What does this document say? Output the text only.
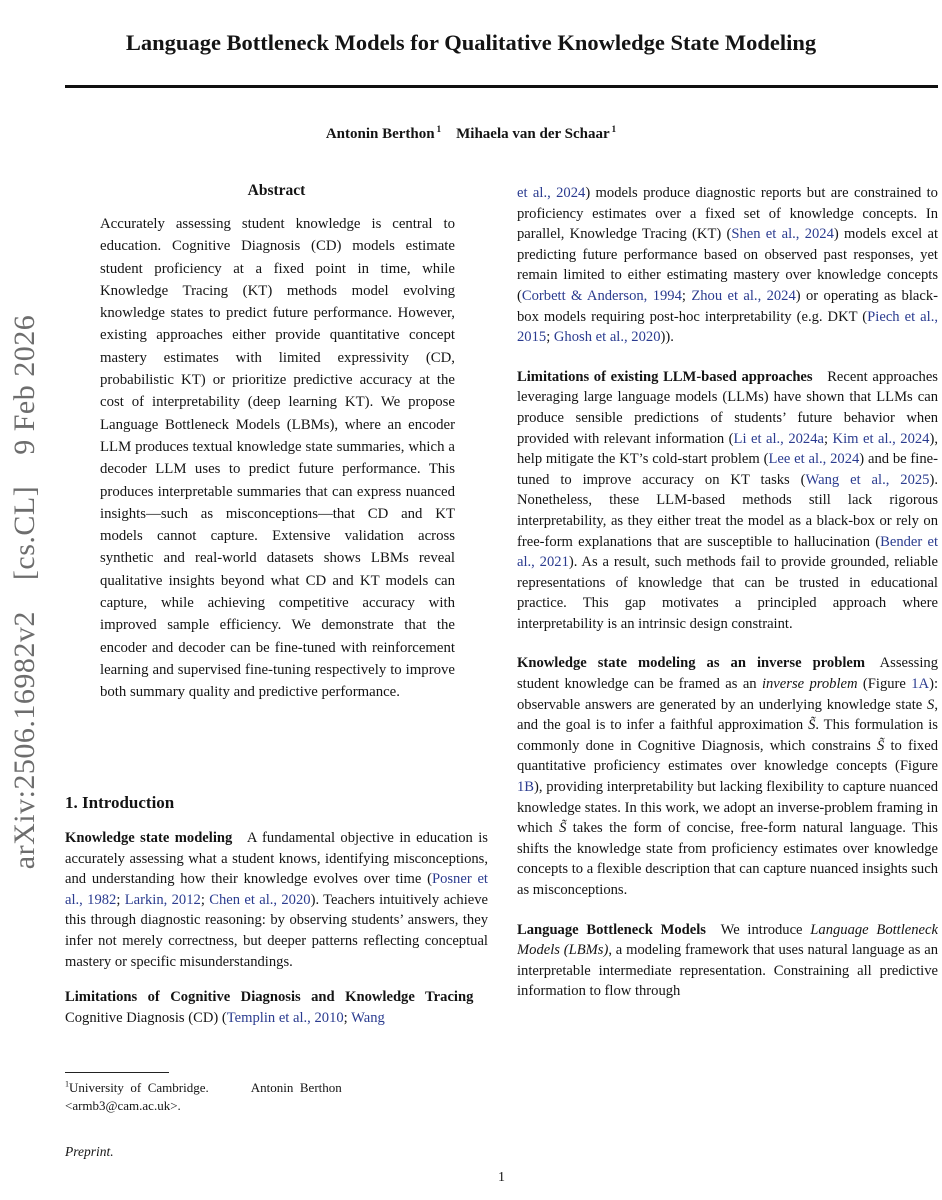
arXiv:2506.16982v2  [cs.CL]  9 Feb 2026
Language Bottleneck Models for Qualitative Knowledge State Modeling
Antonin Berthon $^1$   Mihaela van der Schaar $^1$
Abstract
Accurately assessing student knowledge is central to education. Cognitive Diagnosis (CD) models estimate student proficiency at a fixed point in time, while Knowledge Tracing (KT) methods model evolving knowledge states to predict future performance. However, existing approaches either provide quantitative concept mastery estimates with limited expressivity (CD, probabilistic KT) or prioritize predictive accuracy at the cost of interpretability (deep learning KT). We propose Language Bottleneck Models (LBMs), where an encoder LLM produces textual knowledge state summaries, which a decoder LLM uses to predict future performance. This produces interpretable summaries that can express nuanced insights—such as misconceptions—that CD and KT models cannot capture. Extensive validation across synthetic and real-world datasets shows LBMs reveal qualitative insights beyond what CD and KT models can capture, while achieving competitive accuracy with improved sample efficiency. We demonstrate that the encoder and decoder can be fine-tuned with reinforcement learning and supervised fine-tuning respectively to improve both summary quality and predictive performance.
1. Introduction

Knowledge state modeling  A fundamental objective in education is accurately assessing what a student knows, identifying misconceptions, and understanding how their knowledge evolves over time (Posner et al., 1982; Larkin, 2012; Chen et al., 2020). Teachers intuitively achieve this through diagnostic reasoning: by observing students’ answers, they infer not merely correctness, but deeper patterns reflecting conceptual mastery or specific misunderstandings.

Limitations of Cognitive Diagnosis and Knowledge Tracing Cognitive Diagnosis (CD) (Templin et al., 2010; Wang

$^1$University of Cambridge.	Antonin Berthon
<armb3@cam.ac.uk>.
Preprint.

et al., 2024) models produce diagnostic reports but are constrained to proficiency estimates over a fixed set of knowledge concepts. In parallel, Knowledge Tracing (KT) (Shen et al., 2024) models excel at predicting future performance based on observed past responses, yet remain limited to either estimating mastery over knowledge concepts (Corbett & Anderson, 1994; Zhou et al., 2024) or operating as black-box models requiring post-hoc interpretability (e.g. DKT (Piech et al., 2015; Ghosh et al., 2020)).

Limitations of existing LLM-based approaches  Recent approaches leveraging large language models (LLMs) have shown that LLMs can produce sensible predictions of students’ future behavior when provided with relevant information (Li et al., 2024a; Kim et al., 2024), help mitigate the KT’s cold-start problem (Lee et al., 2024) and be fine-tuned to improve accuracy on KT tasks (Wang et al., 2025). Nonetheless, these LLM-based methods still lack rigorous interpretability, as they either treat the model as a black-box or rely on free-form explanations that are susceptible to hallucination (Bender et al., 2021). As a result, such methods fail to provide grounded, reliable representations of knowledge that can be trusted in educational practice. This gap motivates a principled approach where interpretability is an intrinsic design constraint.

Knowledge state modeling as an inverse problem  Assessing student knowledge can be framed as an inverse problem (Figure 1A): observable answers are generated by an underlying knowledge state S, and the goal is to infer a faithful approximation S̃. This formulation is commonly done in Cognitive Diagnosis, which constrains S̃ to fixed quantitative proficiency estimates over knowledge concepts (Figure 1B), providing interpretability but lacking flexibility to capture nuanced knowledge states. In this work, we adopt an inverse-problem framing in which S̃ takes the form of concise, free-form natural language. This shifts the knowledge state from proficiency estimates over knowledge concepts to a flexible description that can capture nuanced insights such as misconceptions.

Language Bottleneck Models  We introduce Language Bottleneck Models (LBMs), a modeling framework that uses natural language as an interpretable intermediate representation. Constraining all predictive information to flow through

1
